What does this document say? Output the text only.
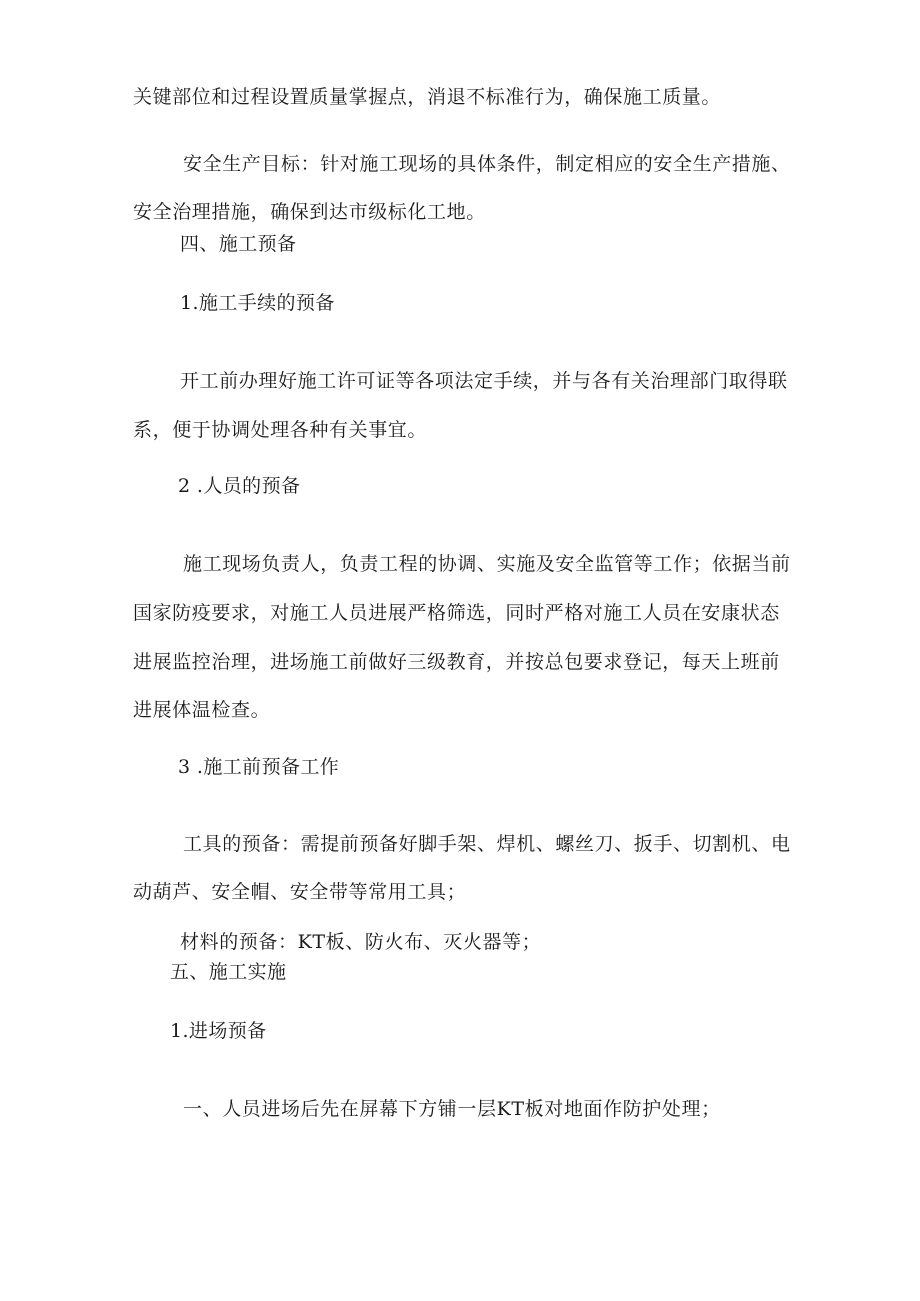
关键部位和过程设置质量掌握点，消退不标准行为，确保施工质量。
安全生产目标：针对施工现场的具体条件，制定相应的安全生产措施、
安全治理措施，确保到达市级标化工地。
四、施工预备
1.施工手续的预备
开工前办理好施工许可证等各项法定手续，并与各有关治理部门取得联
系，便于协调处理各种有关事宜。
2 .人员的预备
施工现场负责人，负责工程的协调、实施及安全监管等工作；依据当前
国家防疫要求，对施工人员进展严格筛选，同时严格对施工人员在安康状态
进展监控治理，进场施工前做好三级教育，并按总包要求登记，每天上班前
进展体温检查。
3 .施工前预备工作
工具的预备：需提前预备好脚手架、焊机、螺丝刀、扳手、切割机、电
动葫芦、安全帽、安全带等常用工具；
材料的预备：KT板、防火布、灭火器等；
五、施工实施
1.进场预备
一、人员进场后先在屏幕下方铺一层KT板对地面作防护处理；
